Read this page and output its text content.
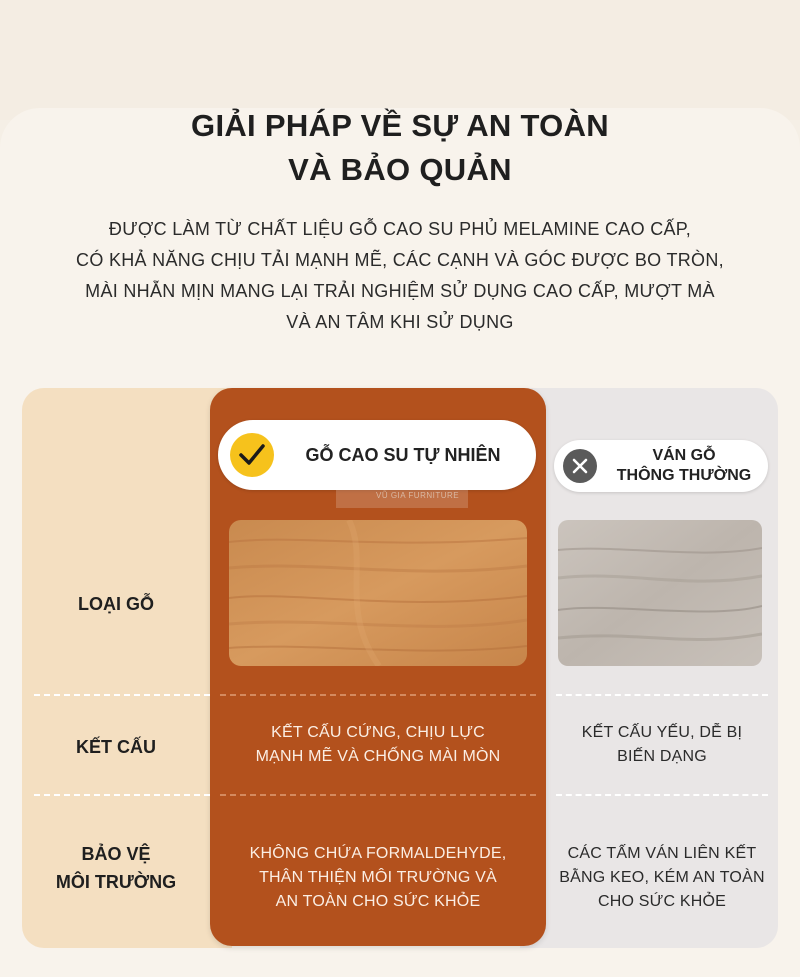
GIẢI PHÁP VỀ SỰ AN TOÀN
VÀ BẢO QUẢN
ĐƯỢC LÀM TỪ CHẤT LIỆU GỖ CAO SU PHỦ MELAMINE CAO CẤP,
CÓ KHẢ NĂNG CHỊU TẢI MẠNH MẼ, CÁC CẠNH VÀ GÓC ĐƯỢC BO TRÒN,
MÀI NHẴN MỊN MANG LẠI TRẢI NGHIỆM SỬ DỤNG CAO CẤP, MƯỢT MÀ
VÀ AN TÂM KHI SỬ DỤNG
GỖ CAO SU TỰ NHIÊN	VÁN GỖ
THÔNG THƯỜNG
VŨ GIA FURNITURE
LOẠI GỖ
KẾT CẤU
KẾT CẤU CỨNG, CHỊU LỰC
MẠNH MẼ VÀ CHỐNG MÀI MÒN
KẾT CẤU YẾU, DỄ BỊ
BIẾN DẠNG
BẢO VỆ
MÔI TRƯỜNG
KHÔNG CHỨA FORMALDEHYDE,
THÂN THIỆN MÔI TRƯỜNG VÀ
AN TOÀN CHO SỨC KHỎE
CÁC TẤM VÁN LIÊN KẾT
BẰNG KEO, KÉM AN TOÀN
CHO SỨC KHỎE
